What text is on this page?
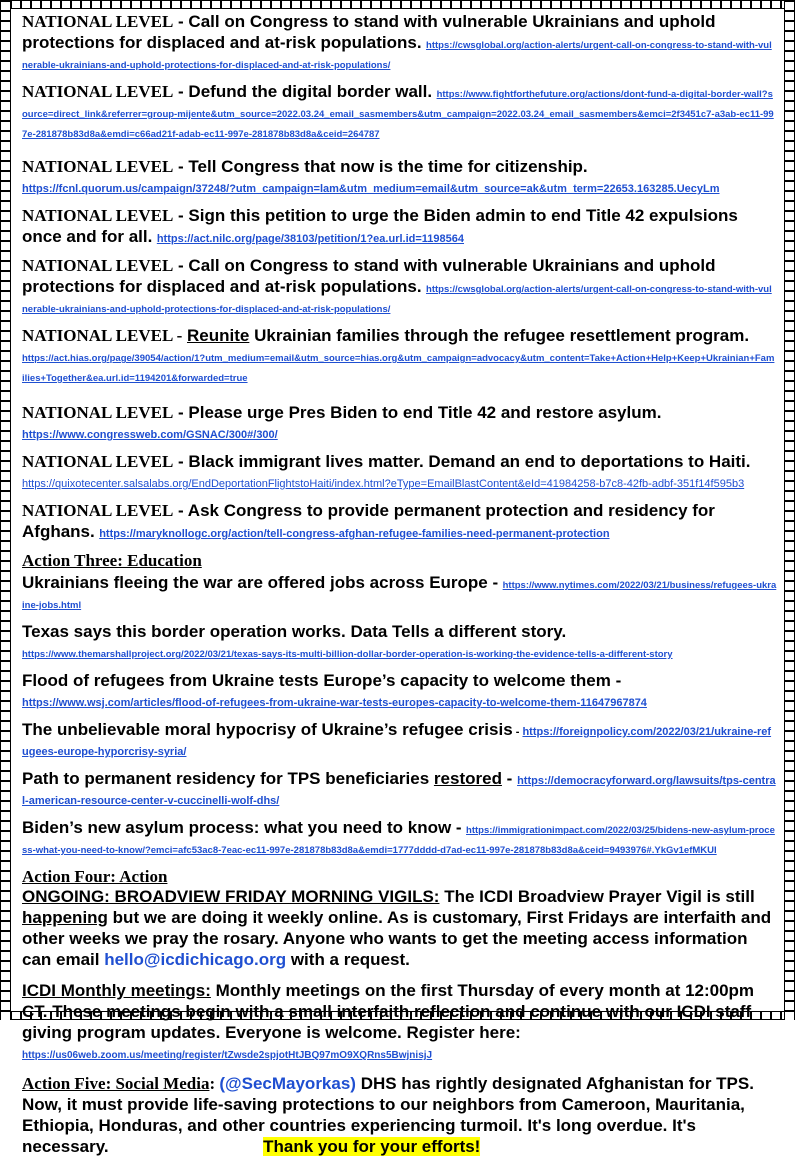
NATIONAL LEVEL - Call on Congress to stand with vulnerable Ukrainians and uphold protections for displaced and at-risk populations. https://cwsglobal.org/action-alerts/urgent-call-on-congress-to-stand-with-vulnerable-ukrainians-and-uphold-protections-for-displaced-and-at-risk-populations/
NATIONAL LEVEL - Defund the digital border wall. https://www.fightforthefuture.org/actions/dont-fund-a-digital-border-wall?source=direct_link&referrer=group-mijente&utm_source=2022.03.24_email_sasmembers&utm_campaign=2022.03.24_email_sasmembers&emci=2f3451c7-a3ab-ec11-997e-281878b83d8a&emdi=c66ad21f-adab-ec11-997e-281878b83d8a&ceid=264787
NATIONAL LEVEL - Tell Congress that now is the time for citizenship.
https://fcnl.quorum.us/campaign/37248/?utm_campaign=lam&utm_medium=email&utm_source=ak&utm_term=22653.163285.UecyLm
NATIONAL LEVEL - Sign this petition to urge the Biden admin to end Title 42 expulsions once and for all. https://act.nilc.org/page/38103/petition/1?ea.url.id=1198564
NATIONAL LEVEL - Call on Congress to stand with vulnerable Ukrainians and uphold protections for displaced and at-risk populations. https://cwsglobal.org/action-alerts/urgent-call-on-congress-to-stand-with-vulnerable-ukrainians-and-uphold-protections-for-displaced-and-at-risk-populations/
NATIONAL LEVEL - Reunite Ukrainian families through the refugee resettlement program.
https://act.hias.org/page/39054/action/1?utm_medium=email&utm_source=hias.org&utm_campaign=advocacy&utm_content=Take+Action+Help+Keep+Ukrainian+Families+Together&ea.url.id=1194201&forwarded=true
NATIONAL LEVEL - Please urge Pres Biden to end Title 42 and restore asylum.
https://www.congressweb.com/GSNAC/300#/300/
NATIONAL LEVEL - Black immigrant lives matter. Demand an end to deportations to Haiti.
https://quixotecenter.salsalabs.org/EndDeportationFlightstoHaiti/index.html?eType=EmailBlastContent&eId=41984258-b7c8-42fb-adbf-351f14f595b3
NATIONAL LEVEL - Ask Congress to provide permanent protection and residency for Afghans. https://maryknollogc.org/action/tell-congress-afghan-refugee-families-need-permanent-protection
Action Three: Education
Ukrainians fleeing the war are offered jobs across Europe - https://www.nytimes.com/2022/03/21/business/refugees-ukraine-jobs.html
Texas says this border operation works. Data Tells a different story.
https://www.themarshallproject.org/2022/03/21/texas-says-its-multi-billion-dollar-border-operation-is-working-the-evidence-tells-a-different-story
Flood of refugees from Ukraine tests Europe’s capacity to welcome them -
https://www.wsj.com/articles/flood-of-refugees-from-ukraine-war-tests-europes-capacity-to-welcome-them-11647967874
The unbelievable moral hypocrisy of Ukraine’s refugee crisis - https://foreignpolicy.com/2022/03/21/ukraine-refugees-europe-hyporcrisy-syria/
Path to permanent residency for TPS beneficiaries restored - https://democracyforward.org/lawsuits/tps-central-american-resource-center-v-cuccinelli-wolf-dhs/
Biden’s new asylum process: what you need to know - https://immigrationimpact.com/2022/03/25/bidens-new-asylum-process-what-you-need-to-know/?emci=afc53ac8-7eac-ec11-997e-281878b83d8a&emdi=1777dddd-d7ad-ec11-997e-281878b83d8a&ceid=9493976#.YkGv1efMKUI
Action Four: Action
ONGOING: BROADVIEW FRIDAY MORNING VIGILS: The ICDI Broadview Prayer Vigil is still happening but we are doing it weekly online. As is customary, First Fridays are interfaith and other weeks we pray the rosary. Anyone who wants to get the meeting access information can email hello@icdichicago.org with a request.
ICDI Monthly meetings: Monthly meetings on the first Thursday of every month at 12:00pm CT. These meetings begin with a small interfaith reflection and continue with our ICDI staff giving program updates. Everyone is welcome. Register here:
https://us06web.zoom.us/meeting/register/tZwsde2spjotHtJBQ97mO9XQRns5BwjnisjJ
Action Five: Social Media: (@SecMayorkas) DHS has rightly designated Afghanistan for TPS. Now, it must provide life-saving protections to our neighbors from Cameroon, Mauritania, Ethiopia, Honduras, and other countries experiencing turmoil. It's long overdue. It's necessary.	Thank you for your efforts!
